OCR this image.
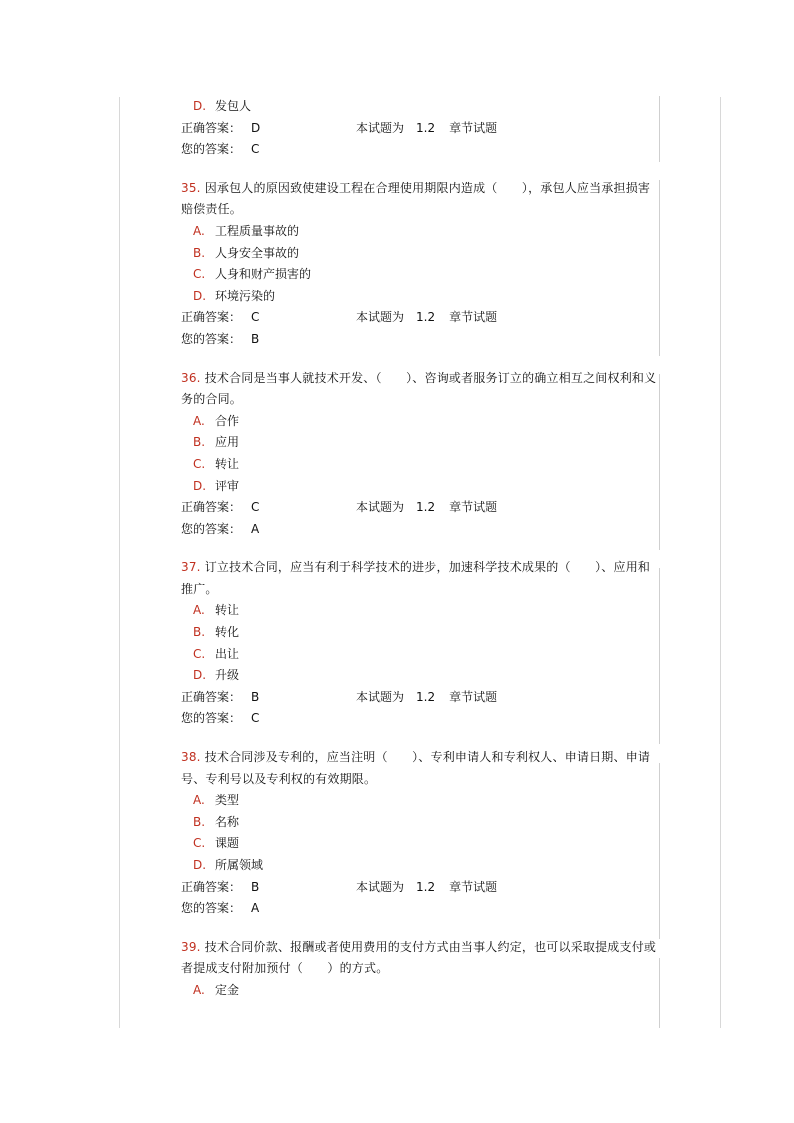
D. 发包人
正确答案： D	本试题为 1.2 章节试题
您的答案： C
35. 因承包人的原因致使建设工程在合理使用期限内造成（　　），承包人应当承担损害赔偿责任。
A. 工程质量事故的
B. 人身安全事故的
C. 人身和财产损害的
D. 环境污染的
正确答案： C	本试题为 1.2 章节试题
您的答案： B
36. 技术合同是当事人就技术开发、（　　）、咨询或者服务订立的确立相互之间权利和义务的合同。
A. 合作
B. 应用
C. 转让
D. 评审
正确答案： C	本试题为 1.2 章节试题
您的答案： A
37. 订立技术合同，应当有利于科学技术的进步，加速科学技术成果的（　　）、应用和推广。
A. 转让
B. 转化
C. 出让
D. 升级
正确答案： B	本试题为 1.2 章节试题
您的答案： C
38. 技术合同涉及专利的，应当注明（　　）、专利申请人和专利权人、申请日期、申请号、专利号以及专利权的有效期限。
A. 类型
B. 名称
C. 课题
D. 所属领域
正确答案： B	本试题为 1.2 章节试题
您的答案： A
39. 技术合同价款、报酬或者使用费用的支付方式由当事人约定，也可以采取提成支付或者提成支付附加预付（　　）的方式。
A. 定金
